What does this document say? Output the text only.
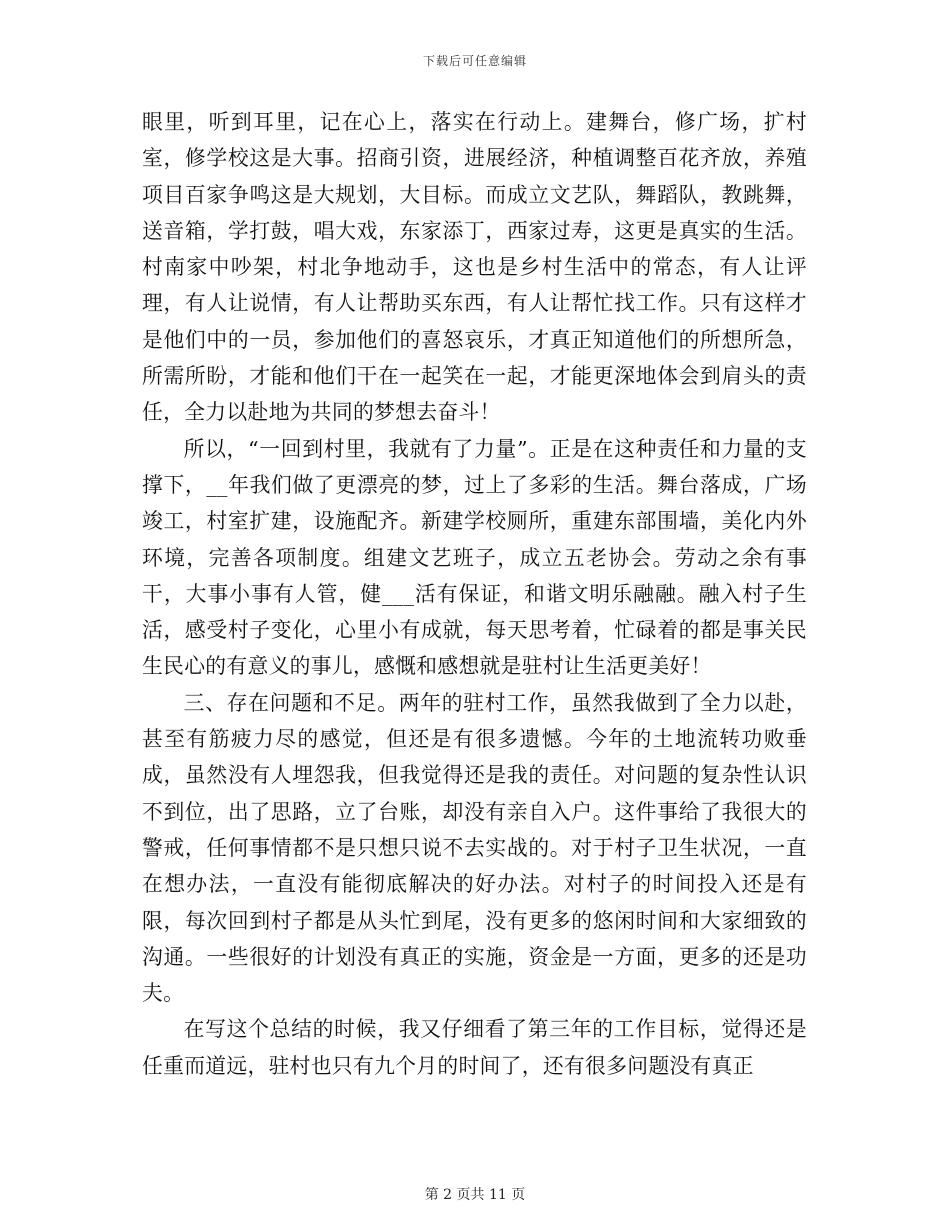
下载后可任意编辑

眼里，听到耳里，记在心上，落实在行动上。建舞台，修广场，扩村室，修学校这是大事。招商引资，进展经济，种植调整百花齐放，养殖项目百家争鸣这是大规划，大目标。而成立文艺队，舞蹈队，教跳舞，送音箱，学打鼓，唱大戏，东家添丁，西家过寿，这更是真实的生活。村南家中吵架，村北争地动手，这也是乡村生活中的常态，有人让评理，有人让说情，有人让帮助买东西，有人让帮忙找工作。只有这样才是他们中的一员，参加他们的喜怒哀乐，才真正知道他们的所想所急，所需所盼，才能和他们干在一起笑在一起，才能更深地体会到肩头的责任，全力以赴地为共同的梦想去奋斗！

所以，“一回到村里，我就有了力量”。正是在这种责任和力量的支撑下，__年我们做了更漂亮的梦，过上了多彩的生活。舞台落成，广场竣工，村室扩建，设施配齐。新建学校厕所，重建东部围墙，美化内外环境，完善各项制度。组建文艺班子，成立五老协会。劳动之余有事干，大事小事有人管，健___活有保证，和谐文明乐融融。融入村子生活，感受村子变化，心里小有成就，每天思考着，忙碌着的都是事关民生民心的有意义的事儿，感慨和感想就是驻村让生活更美好！

三、存在问题和不足。两年的驻村工作，虽然我做到了全力以赴，甚至有筋疲力尽的感觉，但还是有很多遗憾。今年的土地流转功败垂成，虽然没有人埋怨我，但我觉得还是我的责任。对问题的复杂性认识不到位，出了思路，立了台账，却没有亲自入户。这件事给了我很大的警戒，任何事情都不是只想只说不去实战的。对于村子卫生状况，一直在想办法，一直没有能彻底解决的好办法。对村子的时间投入还是有限，每次回到村子都是从头忙到尾，没有更多的悠闲时间和大家细致的沟通。一些很好的计划没有真正的实施，资金是一方面，更多的还是功夫。

在写这个总结的时候，我又仔细看了第三年的工作目标，觉得还是任重而道远，驻村也只有九个月的时间了，还有很多问题没有真正

第 2 页共 11 页
